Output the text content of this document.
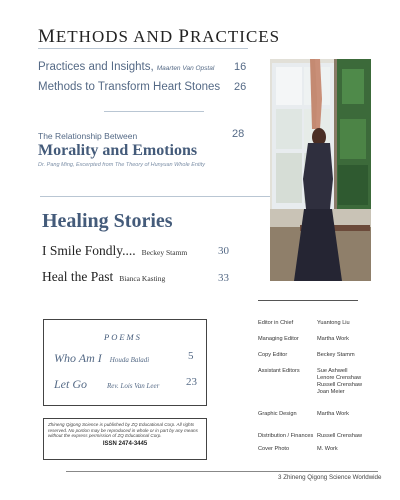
METHODS AND PRACTICES
Practices and Insights, Maarten Van Opstal 16
Methods to Transform Heart Stones 26
The Relationship Between	28
Morality and Emotions
Dr. Pang Ming, Excerpted from The Theory of Hunyuan Whole Entity
Healing Stories
I Smile Fondly.... Beckey Stamm	30
Heal the Past Bianca Kasting	33
POEMS
Who Am I Houda Baladi	5
Let Go	Rev. Lois Van Leer 23
Zhineng Qigong Science is published by ZQ Educational Corp. All rights reserved. No portion may be reproduced in whole or in part by any means without the express permission of ZQ Educational Corp.
ISSN 2474-3445
Editor in Chief	Yuantong Liu
Managing Editor	Martha Work
Copy Editor	Beckey Stamm
Assistant Editors	Sue Ashwell
Lenore Crenshaw
Russell Crenshaw
Joan Meier
Graphic Design	Martha Work
Distribution / Finances Russell Crenshaw
Cover Photo	M. Work
3 Zhineng Qigong Science Worldwide
